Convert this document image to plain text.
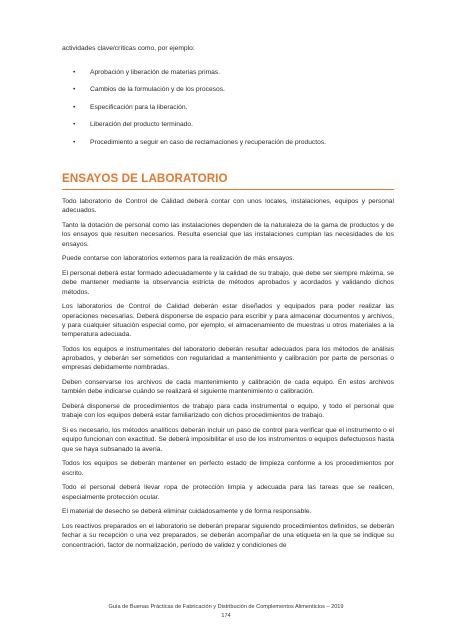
actividades clave/críticas como, por ejemplo:

• Aprobación y liberación de materias primas.
• Cambios de la formulación y de los procesos.
• Especificación para la liberación.
• Liberación del producto terminado.
• Procedimiento a seguir en caso de reclamaciones y recuperación de productos.
ENSAYOS DE LABORATORIO

Todo laboratorio de Control de Calidad deberá contar con unos locales, instalaciones, equipos y personal adecuados.

Tanto la dotación de personal como las instalaciones dependen de la naturaleza de la gama de productos y de los ensayos que resulten necesarios. Resulta esencial que las instalaciones cumplan las necesidades de los ensayos.

Puede contarse con laboratorios externos para la realización de más ensayos.

El personal deberá estar formado adecuadamente y la calidad de su trabajo, que debe ser siempre máxima, se debe mantener mediante la observancia estricta de métodos aprobados y acordados y validando dichos métodos.

Los laboratorios de Control de Calidad deberán estar diseñados y equipados para poder realizar las operaciones necesarias. Deberá disponerse de espacio para escribir y para almacenar documentos y archivos, y para cualquier situación especial como, por ejemplo, el almacenamiento de muestras u otros materiales a la temperatura adecuada.

Todos los equipos e instrumentales del laboratorio deberán resultar adecuados para los métodos de análisis aprobados, y deberán ser sometidos con regularidad a mantenimiento y calibración por parte de personas o empresas debidamente nombradas.

Deben conservarse los archivos de cada mantenimiento y calibración de cada equipo. En estos archivos también debe indicarse cuándo se realizará el siguiente mantenimiento o calibración.

Deberá disponerse de procedimientos de trabajo para cada instrumental o equipo, y todo el personal que trabaje con los equipos deberá estar familiarizado con dichos procedimientos de trabajo.

Si es necesario, los métodos analíticos deberán incluir un paso de control para verificar que el instrumento o el equipo funcionan con exactitud. Se deberá imposibilitar el uso de los instrumentos o equipos defectuosos hasta que se haya subsanado la avería.

Todos los equipos se deberán mantener en perfecto estado de limpieza conforme a los procedimientos por escrito.

Todo el personal deberá llevar ropa de protección limpia y adecuada para las tareas que se realicen, especialmente protección ocular.

El material de desecho se deberá eliminar cuidadosamente y de forma responsable.

Los reactivos preparados en el laboratorio se deberán preparar siguiendo procedimientos definidos, se deberán fechar a su recepción o una vez preparados, se deberán acompañar de una etiqueta en la que se indique su concentración, factor de normalización, período de validez y condiciones de

Guía de Buenas Prácticas de Fabricación y Distribución de Complementos Alimenticios – 2019
174
